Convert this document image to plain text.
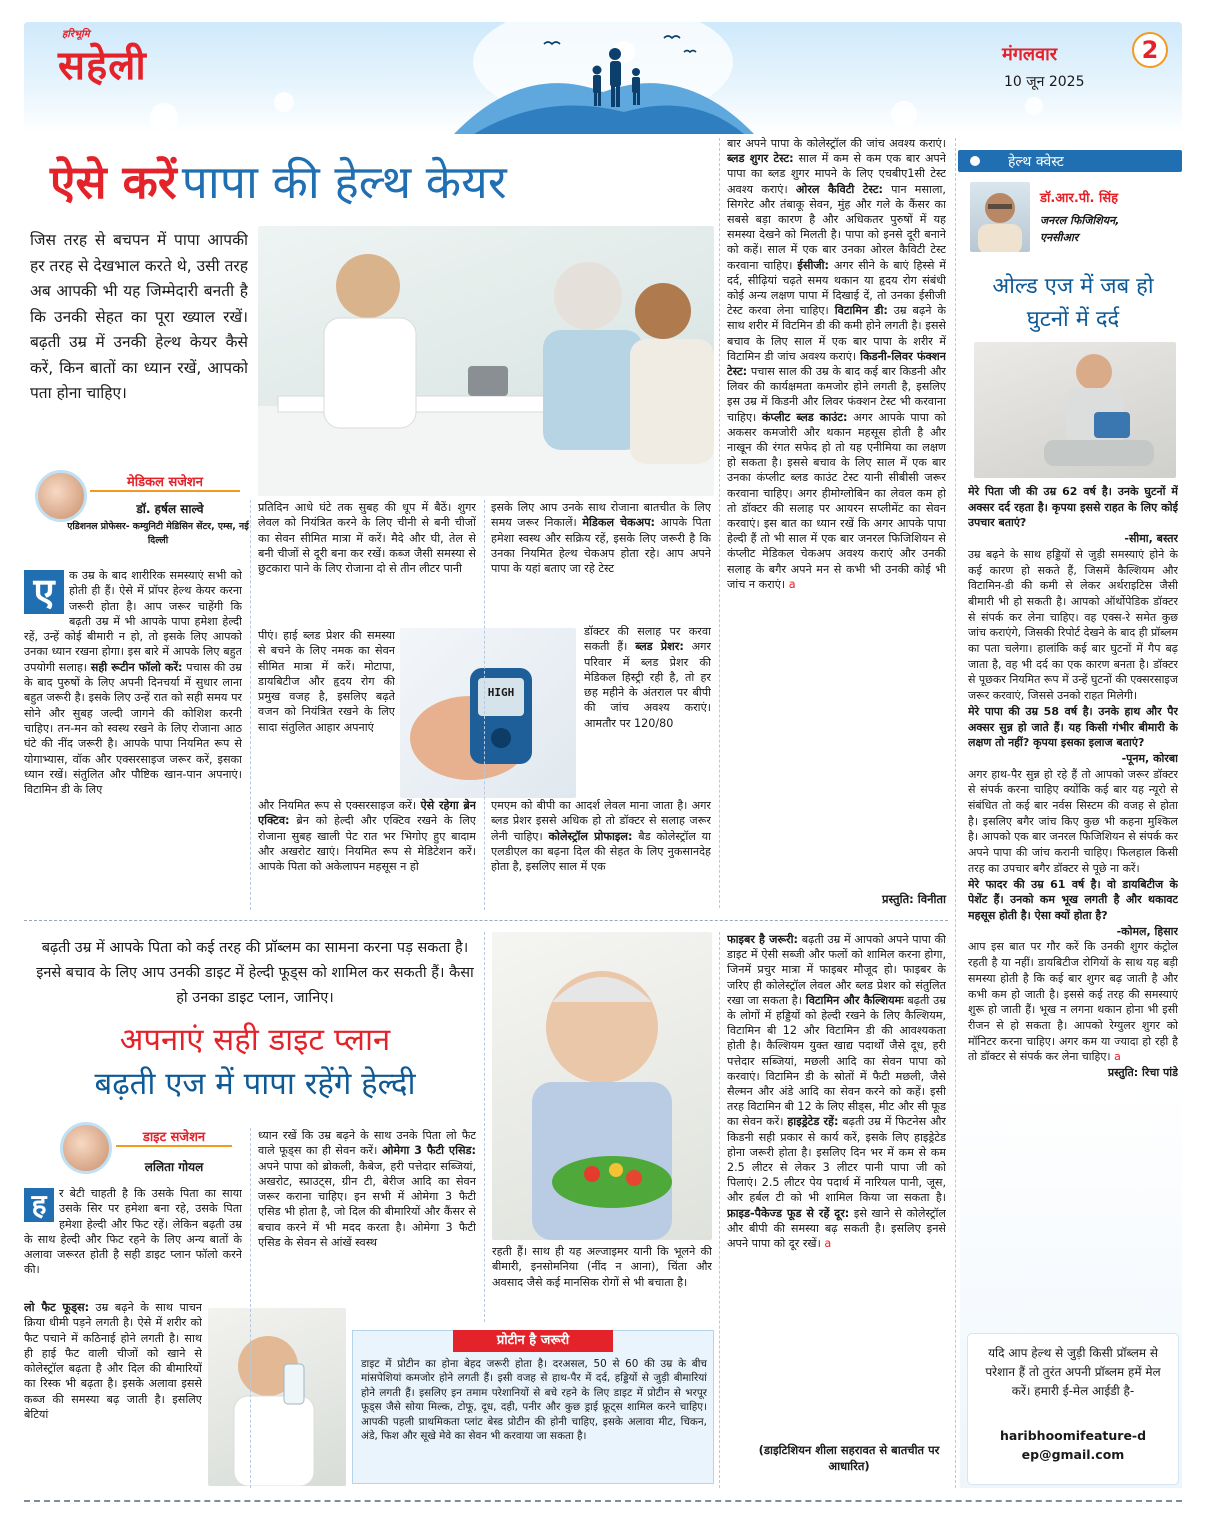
हरिभूमि
सहेली	मंगलवार
10 जून 2025
2
ऐसे करें पापा की हेल्थ केयर
जिस तरह से बचपन में पापा आपकी हर तरह से देखभाल करते थे, उसी तरह अब आपकी भी यह जिम्मेदारी बनती है कि उनकी सेहत का पूरा ख्याल रखें। बढ़ती उम्र में उनकी हेल्थ केयर कैसे करें, किन बातों का ध्यान रखें, आपको पता होना चाहिए।
मेडिकल सजेशन
डॉ. हर्षल साल्वे
एडिशनल प्रोफेसर- कम्युनिटी मेडिसिन सेंटर, एम्स, नई दिल्ली
ए	क उम्र के बाद शारीरिक समस्याएं सभी को होती ही हैं। ऐसे में प्रॉपर हेल्थ केयर करना जरूरी होता है। आप जरूर चाहेंगी कि बढ़ती उम्र में भी आपके पापा हमेशा हेल्दी रहें, उन्हें कोई बीमारी न हो, तो इसके लिए आपको उनका ध्यान रखना होगा। इस बारे में आपके लिए बहुत उपयोगी सलाह। सही रूटीन फॉलो करें: पचास की उम्र के बाद पुरुषों के लिए अपनी दिनचर्या में सुधार लाना बहुत जरूरी है। इसके लिए उन्हें रात को सही समय पर सोने और सुबह जल्दी जागने की कोशिश करनी चाहिए। तन-मन को स्वस्थ रखने के लिए रोजाना आठ घंटे की नींद जरूरी है। आपके पापा नियमित रूप से योगाभ्यास, वॉक और एक्सरसाइज जरूर करें, इसका ध्यान रखें। संतुलित और पौष्टिक खान-पान अपनाएं। विटामिन डी के लिए
प्रतिदिन आधे घंटे तक सुबह की धूप में बैठें। शुगर लेवल को नियंत्रित करने के लिए चीनी से बनी चीजों का सेवन सीमित मात्रा में करें। मैदे और घी, तेल से बनी चीजों से दूरी बना कर रखें। कब्ज जैसी समस्या से छुटकारा पाने के लिए रोजाना दो से तीन लीटर पानी
HIGH
पीएं। हाई ब्लड प्रेशर की समस्या से बचने के लिए नमक का सेवन सीमित मात्रा में करें। मोटापा, डायबिटीज और हृदय रोग की प्रमुख वजह है, इसलिए बढ़ते वजन को नियंत्रित रखने के लिए सादा संतुलित आहार अपनाएं
और नियमित रूप से एक्सरसाइज करें। ऐसे रहेगा ब्रेन एक्टिव: ब्रेन को हेल्दी और एक्टिव रखने के लिए रोजाना सुबह खाली पेट रात भर भिगोए हुए बादाम और अखरोट खाएं। नियमित रूप से मेडिटेशन करें। आपके पिता को अकेलापन महसूस न हो
इसके लिए आप उनके साथ रोजाना बातचीत के लिए समय जरूर निकालें। मेडिकल चेकअप: आपके पिता हमेशा स्वस्थ और सक्रिय रहें, इसके लिए जरूरी है कि उनका नियमित हेल्थ चेकअप होता रहे। आप अपने पापा के यहां बताए जा रहे टेस्ट
डॉक्टर की सलाह पर करवा सकती हैं। ब्लड प्रेशर: अगर परिवार में ब्लड प्रेशर की मेडिकल हिस्ट्री रही है, तो हर छह महीने के अंतराल पर बीपी की जांच अवश्य कराएं। आमतौर पर 120/80
एमएम को बीपी का आदर्श लेवल माना जाता है। अगर ब्लड प्रेशर इससे अधिक हो तो डॉक्टर से सलाह जरूर लेनी चाहिए। कोलेस्ट्रॉल प्रोफाइल: बैड कोलेस्ट्रॉल या एलडीएल का बढ़ना दिल की सेहत के लिए नुकसानदेह होता है, इसलिए साल में एक
बार अपने पापा के कोलेस्ट्रॉल की जांच अवश्य कराएं। ब्लड शुगर टेस्ट: साल में कम से कम एक बार अपने पापा का ब्लड शुगर मापने के लिए एचबीए1सी टेस्ट अवश्य कराएं। ओरल कैविटी टेस्ट: पान मसाला, सिगरेट और तंबाकू सेवन, मुंह और गले के कैंसर का सबसे बड़ा कारण है और अधिकतर पुरुषों में यह समस्या देखने को मिलती है। पापा को इनसे दूरी बनाने को कहें। साल में एक बार उनका ओरल कैविटी टेस्ट करवाना चाहिए। ईसीजी: अगर सीने के बाएं हिस्से में दर्द, सीढ़ियां चढ़ते समय थकान या हृदय रोग संबंधी कोई अन्य लक्षण पापा में दिखाई दें, तो उनका ईसीजी टेस्ट करवा लेना चाहिए। विटामिन डी: उम्र बढ़ने के साथ शरीर में विटमिन डी की कमी होने लगती है। इससे बचाव के लिए साल में एक बार पापा के शरीर में विटामिन डी जांच अवश्य कराएं। किडनी-लिवर फंक्शन टेस्ट: पचास साल की उम्र के बाद कई बार किडनी और लिवर की कार्यक्षमता कमजोर होने लगती है, इसलिए इस उम्र में किडनी और लिवर फंक्शन टेस्ट भी करवाना चाहिए। कंप्लीट ब्लड काउंट: अगर आपके पापा को अकसर कमजोरी और थकान महसूस होती है और नाखून की रंगत सफेद हो तो यह एनीमिया का लक्षण हो सकता है। इससे बचाव के लिए साल में एक बार उनका कंप्लीट ब्लड काउंट टेस्ट यानी सीबीसी जरूर करवाना चाहिए। अगर हीमोग्लोबिन का लेवल कम हो तो डॉक्टर की सलाह पर आयरन सप्लीमेंट का सेवन करवाएं। इस बात का ध्यान रखें कि अगर आपके पापा हेल्दी हैं तो भी साल में एक बार जनरल फिजिशियन से कंप्लीट मेडिकल चेकअप अवश्य कराएं और उनकी सलाह के बगैर अपने मन से कभी भी उनकी कोई भी जांच न कराएं। a
प्रस्तुति: विनीता
बढ़ती उम्र में आपके पिता को कई तरह की प्रॉब्लम का सामना करना पड़ सकता है। इनसे बचाव के लिए आप उनकी डाइट में हेल्दी फूड्स को शामिल कर सकती हैं। कैसा हो उनका डाइट प्लान, जानिए।
अपनाएं सही डाइट प्लान
बढ़ती एज में पापा रहेंगे हेल्दी
डाइट सजेशन
ललिता गोयल
ह	र बेटी चाहती है कि उसके पिता का साया उसके सिर पर हमेशा बना रहे, उसके पिता हमेशा हेल्दी और फिट रहें। लेकिन बढ़ती उम्र के साथ हेल्दी और फिट रहने के लिए अन्य बातों के अलावा जरूरत होती है सही डाइट प्लान फॉलो करने की।
लो फैट फूड्स: उम्र बढ़ने के साथ पाचन क्रिया धीमी पड़ने लगती है। ऐसे में शरीर को फैट पचाने में कठिनाई होने लगती है। साथ ही हाई फैट वाली चीजों को खाने से कोलेस्ट्रॉल बढ़ता है और दिल की बीमारियों का रिस्क भी बढ़ता है। इसके अलावा इससे कब्ज की समस्या बढ़ जाती है। इसलिए बेटियां
ध्यान रखें कि उम्र बढ़ने के साथ उनके पिता लो फैट वाले फूड्स का ही सेवन करें। ओमेगा 3 फैटी एसिड: अपने पापा को ब्रोकली, कैबेज, हरी पत्तेदार सब्जियां, अखरोट, स्प्राउट्स, ग्रीन टी, बेरीज आदि का सेवन जरूर कराना चाहिए। इन सभी में ओमेगा 3 फैटी एसिड भी होता है, जो दिल की बीमारियों और कैंसर से बचाव करने में भी मदद करता है। ओमेगा 3 फैटी एसिड के सेवन से आंखें स्वस्थ
रहती हैं। साथ ही यह अल्जाइमर यानी कि भूलने की बीमारी, इनसोमनिया (नींद न आना), चिंता और अवसाद जैसे कई मानसिक रोगों से भी बचाता है।
प्रोटीन है जरूरी
डाइट में प्रोटीन का होना बेहद जरूरी होता है। दरअसल, 50 से 60 की उम्र के बीच मांसपेशियां कमजोर होने लगती हैं। इसी वजह से हाथ-पैर में दर्द, हड्डियों से जुड़ी बीमारियां होने लगती हैं। इसलिए इन तमाम परेशानियों से बचे रहने के लिए डाइट में प्रोटीन से भरपूर फूड्स जैसे सोया मिल्क, टोफू, दूध, दही, पनीर और कुछ ड्राई फ्रूट्स शामिल करने चाहिए। आपकी पहली प्राथमिकता प्लांट बेस्ड प्रोटीन की होनी चाहिए, इसके अलावा मीट, चिकन, अंडे, फिश और सूखे मेवे का सेवन भी करवाया जा सकता है।
फाइबर है जरूरी: बढ़ती उम्र में आपको अपने पापा की डाइट में ऐसी सब्जी और फलों को शामिल करना होगा, जिनमें प्रचुर मात्रा में फाइबर मौजूद हो। फाइबर के जरिए ही कोलेस्ट्रॉल लेवल और ब्लड प्रेशर को संतुलित रखा जा सकता है। विटामिन और कैल्शियमः बढ़ती उम्र के लोगों में हड्डियों को हेल्दी रखने के लिए कैल्शियम, विटामिन बी 12 और विटामिन डी की आवश्यकता होती है। कैल्शियम युक्त खाद्य पदार्थों जैसे दूध, हरी पत्तेदार सब्जियां, मछली आदि का सेवन पापा को करवाएं। विटामिन डी के स्रोतों में फैटी मछली, जैसे सैल्मन और अंडे आदि का सेवन करने को कहें। इसी तरह विटामिन बी 12 के लिए सीड्स, मीट और सी फूड का सेवन करें। हाइड्रेटेड रहें: बढ़ती उम्र में फिटनेस और किडनी सही प्रकार से कार्य करें, इसके लिए हाइड्रेटेड होना जरूरी होता है। इसलिए दिन भर में कम से कम 2.5 लीटर से लेकर 3 लीटर पानी पापा जी को पिलाएं। 2.5 लीटर पेय पदार्थ में नारियल पानी, जूस, और हर्बल टी को भी शामिल किया जा सकता है। फ्राइड-पैकेज्ड फूड से रहें दूर: इसे खाने से कोलेस्ट्रॉल और बीपी की समस्या बढ़ सकती है। इसलिए इनसे अपने पापा को दूर रखें। a
(डाइटिशियन शीला सहरावत से बातचीत पर आधारित)
हेल्थ क्वेस्ट
डॉ.आर.पी. सिंह
जनरल फिजिशियन, एनसीआर
ओल्ड एज में जब हो घुटनों में दर्द

मेरे पिता जी की उम्र 62 वर्ष है। उनके घुटनों में अक्सर दर्द रहता है। कृपया इससे राहत के लिए कोई उपचार बताएं?

-सीमा, बस्तर

उम्र बढ़ने के साथ हड्डियों से जुड़ी समस्याएं होने के कई कारण हो सकते हैं, जिसमें कैल्शियम और विटामिन-डी की कमी से लेकर अर्थराइटिस जैसी बीमारी भी हो सकती है। आपको ऑर्थोपेडिक डॉक्टर से संपर्क कर लेना चाहिए। वह एक्स-रे समेत कुछ जांच कराएंगे, जिसकी रिपोर्ट देखने के बाद ही प्रॉब्लम का पता चलेगा। हालांकि कई बार घुटनों में गैप बढ़ जाता है, वह भी दर्द का एक कारण बनता है। डॉक्टर से पूछकर नियमित रूप में उन्हें घुटनों की एक्सरसाइज जरूर करवाएं, जिससे उनको राहत मिलेगी।

मेरे पापा की उम्र 58 वर्ष है। उनके हाथ और पैर अक्सर सुन्न हो जाते हैं। यह किसी गंभीर बीमारी के लक्षण तो नहीं? कृपया इसका इलाज बताएं?

-पूनम, कोरबा

अगर हाथ-पैर सुन्न हो रहे हैं तो आपको जरूर डॉक्टर से संपर्क करना चाहिए क्योंकि कई बार यह न्यूरो से संबंधित तो कई बार नर्वस सिस्टम की वजह से होता है। इसलिए बगैर जांच किए कुछ भी कहना मुश्किल है। आपको एक बार जनरल फिजिशियन से संपर्क कर अपने पापा की जांच करानी चाहिए। फिलहाल किसी तरह का उपचार बगैर डॉक्टर से पूछे ना करें।

मेरे फादर की उम्र 61 वर्ष है। वो डायबिटीज के पेशेंट हैं। उनको कम भूख लगती है और थकावट महसूस होती है। ऐसा क्यों होता है?

-कोमल, हिसार

आप इस बात पर गौर करें कि उनकी शुगर कंट्रोल रहती है या नहीं। डायबिटीज रोगियों के साथ यह बड़ी समस्या होती है कि कई बार शुगर बढ़ जाती है और कभी कम हो जाती है। इससे कई तरह की समस्याएं शुरू हो जाती हैं। भूख न लगना थकान होना भी इसी रीजन से हो सकता है। आपको रेग्युलर शुगर को मॉनिटर करना चाहिए। अगर कम या ज्यादा हो रही है तो डॉक्टर से संपर्क कर लेना चाहिए। a

प्रस्तुति: रिचा पांडे

यदि आप हेल्थ से जुड़ी किसी प्रॉब्लम से परेशान हैं तो तुरंत अपनी प्रॉब्लम हमें मेल करें। हमारी ई-मेल आईडी है-
haribhoomifeature-dep@gmail.com
